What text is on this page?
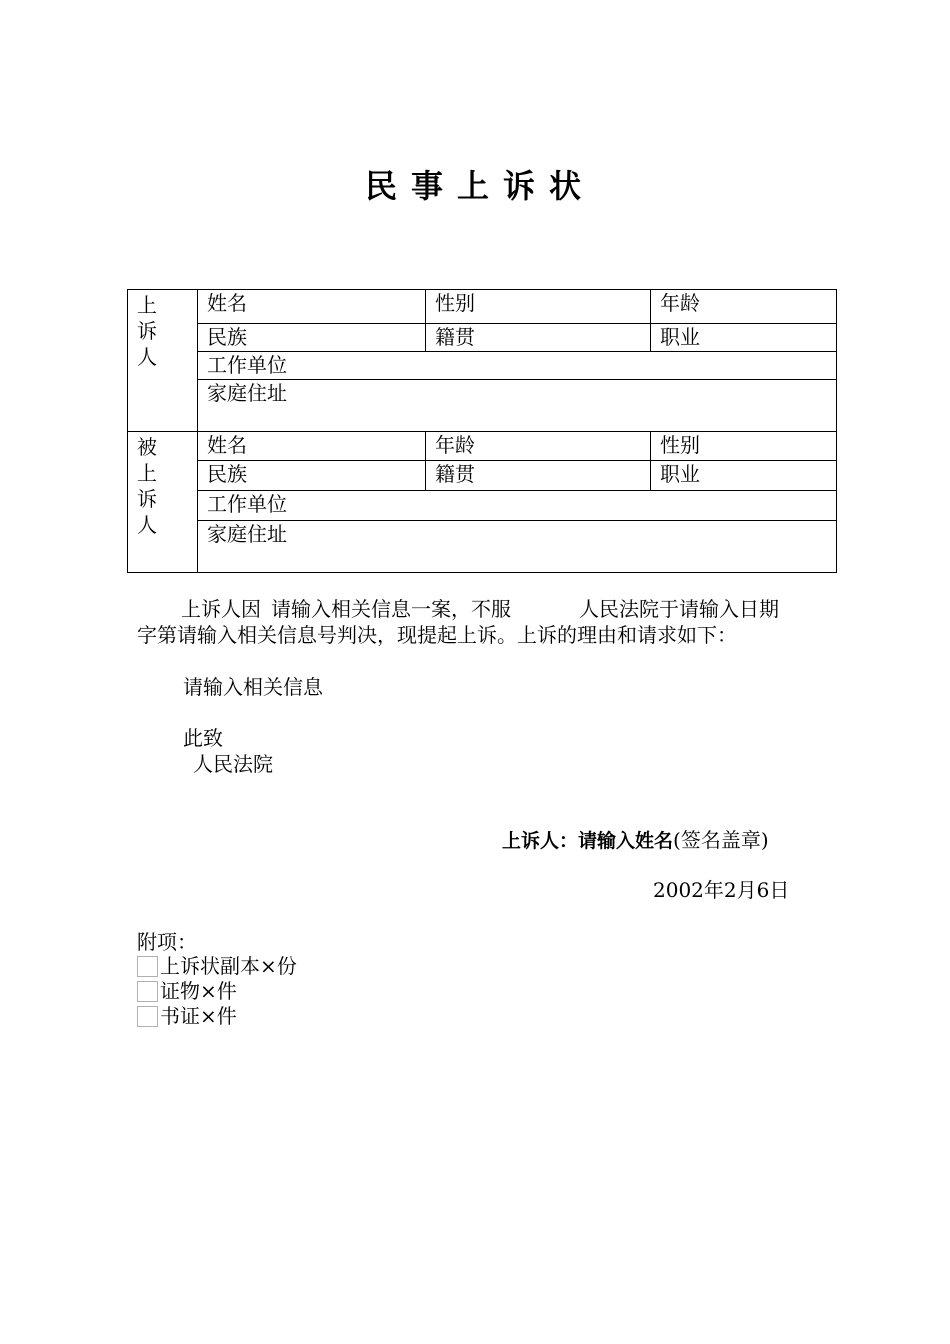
民事上诉状
上诉人	姓名	性别	年龄
	民族	籍贯	职业
	工作单位		
	家庭住址		

被上诉人	姓名	年龄	性别
	民族	籍贯	职业
	工作单位		
	家庭住址		
上诉人因 请输入相关信息一案，不服	人民法院于请输入日期
字第请输入相关信息号判决，现提起上诉。上诉的理由和请求如下：
请输入相关信息
此致
人民法院
上诉人：请输入姓名(签名盖章)
2002年2月6日
附项：
上诉状副本×份
证物×件
书证×件
